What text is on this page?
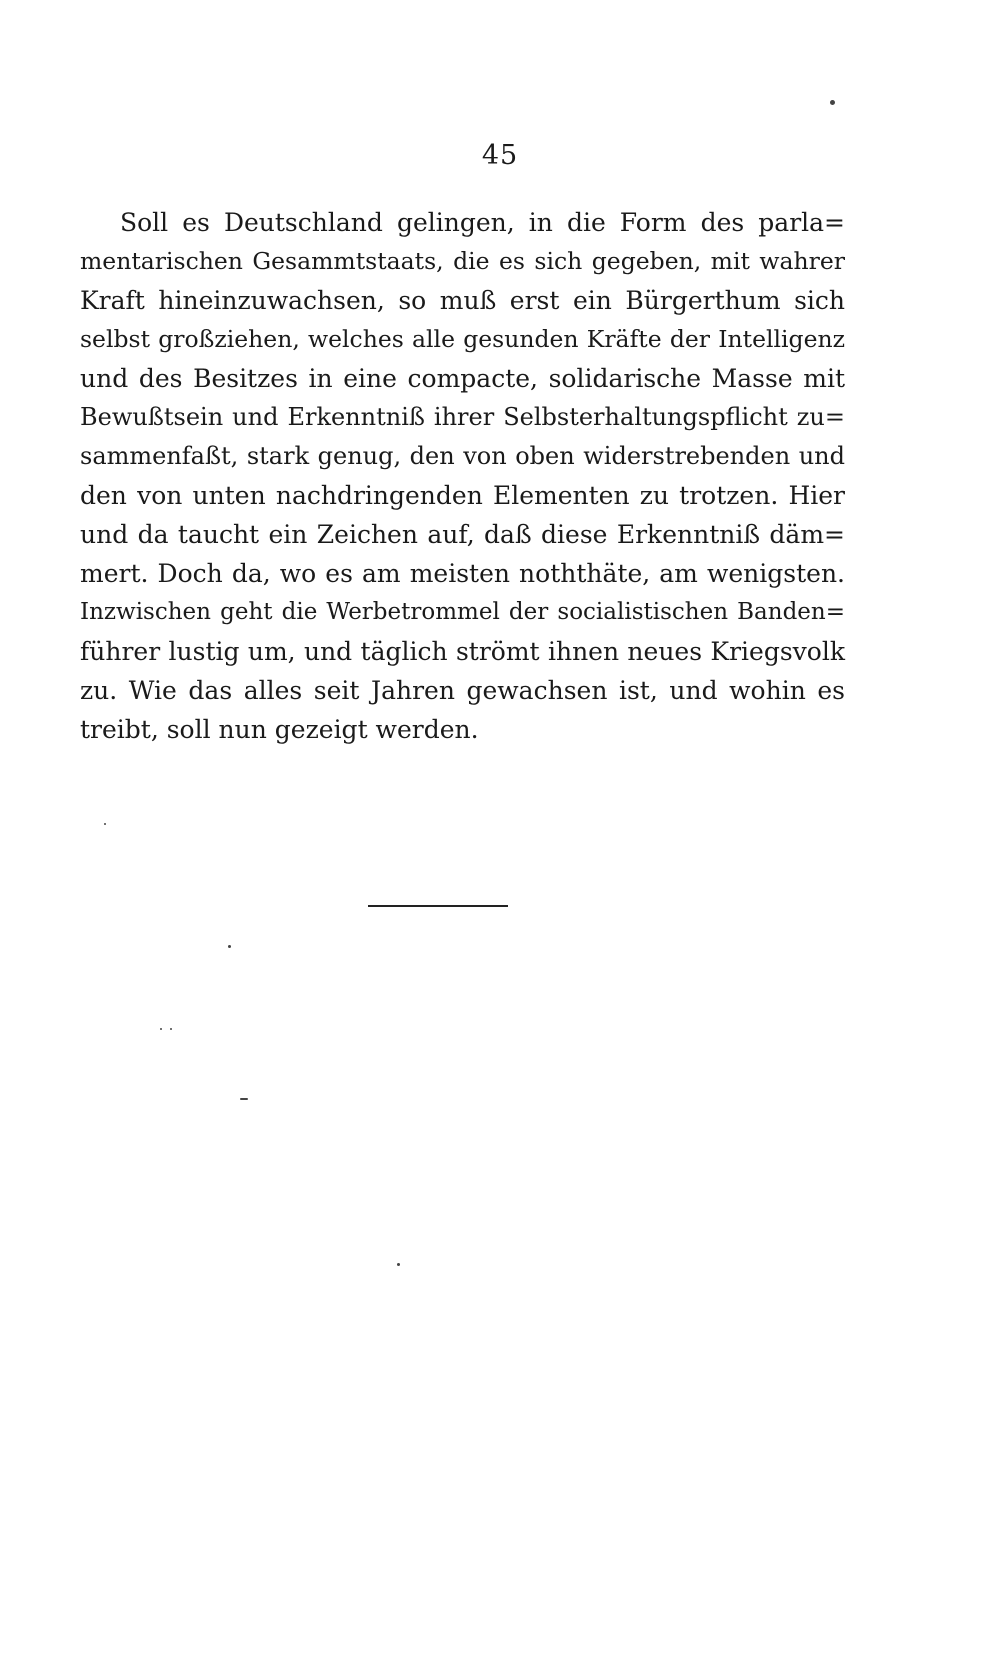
45
Soll es Deutschland gelingen, in die Form des parla=
mentarischen Gesammtstaats, die es sich gegeben, mit wahrer
Kraft hineinzuwachsen, so muß erst ein Bürgerthum sich
selbst großziehen, welches alle gesunden Kräfte der Intelligenz
und des Besitzes in eine compacte, solidarische Masse mit
Bewußtsein und Erkenntniß ihrer Selbsterhaltungspflicht zu=
sammenfaßt, stark genug, den von oben widerstrebenden und
den von unten nachdringenden Elementen zu trotzen. Hier
und da taucht ein Zeichen auf, daß diese Erkenntniß däm=
mert. Doch da, wo es am meisten noththäte, am wenigsten.
Inzwischen geht die Werbetrommel der socialistischen Banden=
führer lustig um, und täglich strömt ihnen neues Kriegsvolk
zu. Wie das alles seit Jahren gewachsen ist, und wohin es
treibt, soll nun gezeigt werden.
